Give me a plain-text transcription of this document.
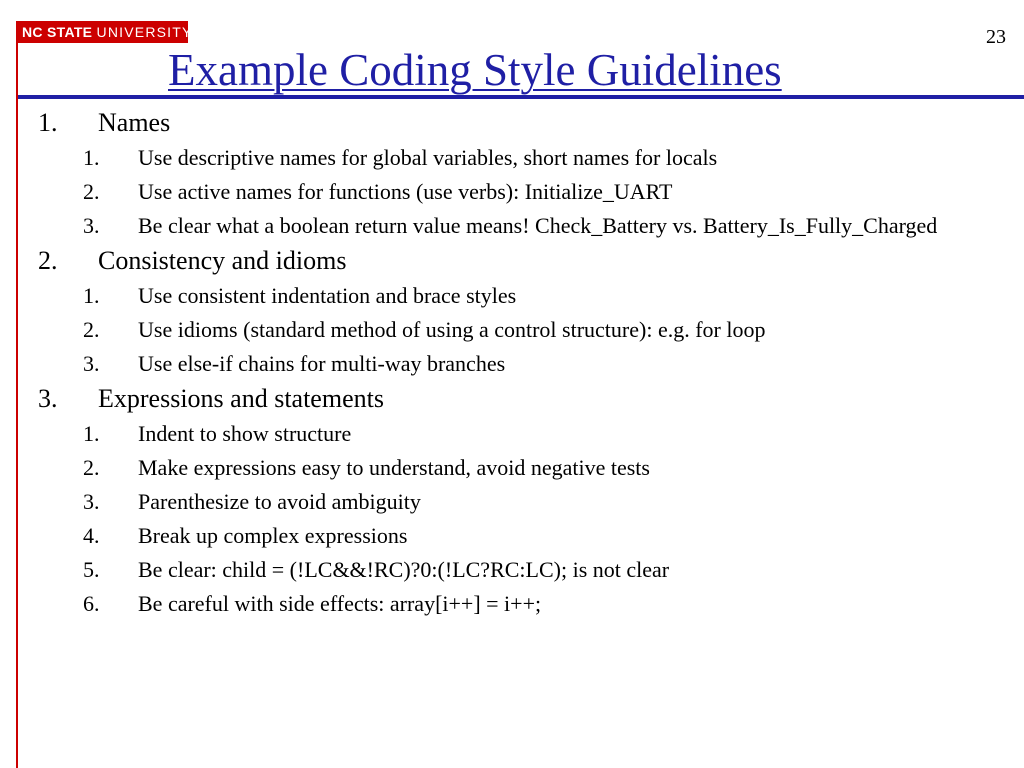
NC STATE UNIVERSITY
Example Coding Style Guidelines
23
1.	Names
1.	Use descriptive names for global variables, short names for locals
2.	Use active names for functions (use verbs): Initialize_UART
3.	Be clear what a boolean return value means! Check_Battery vs. Battery_Is_Fully_Charged
2.	Consistency and idioms
1.	Use consistent indentation and brace styles
2.	Use idioms (standard method of using a control structure): e.g. for loop
3.	Use else-if chains for multi-way branches
3.	Expressions and statements
1.	Indent to show structure
2.	Make expressions easy to understand, avoid negative tests
3.	Parenthesize to avoid ambiguity
4.	Break up complex expressions
5.	Be clear: child = (!LC&&!RC)?0:(!LC?RC:LC); is not clear
6.	Be careful with side effects: array[i++] = i++;
